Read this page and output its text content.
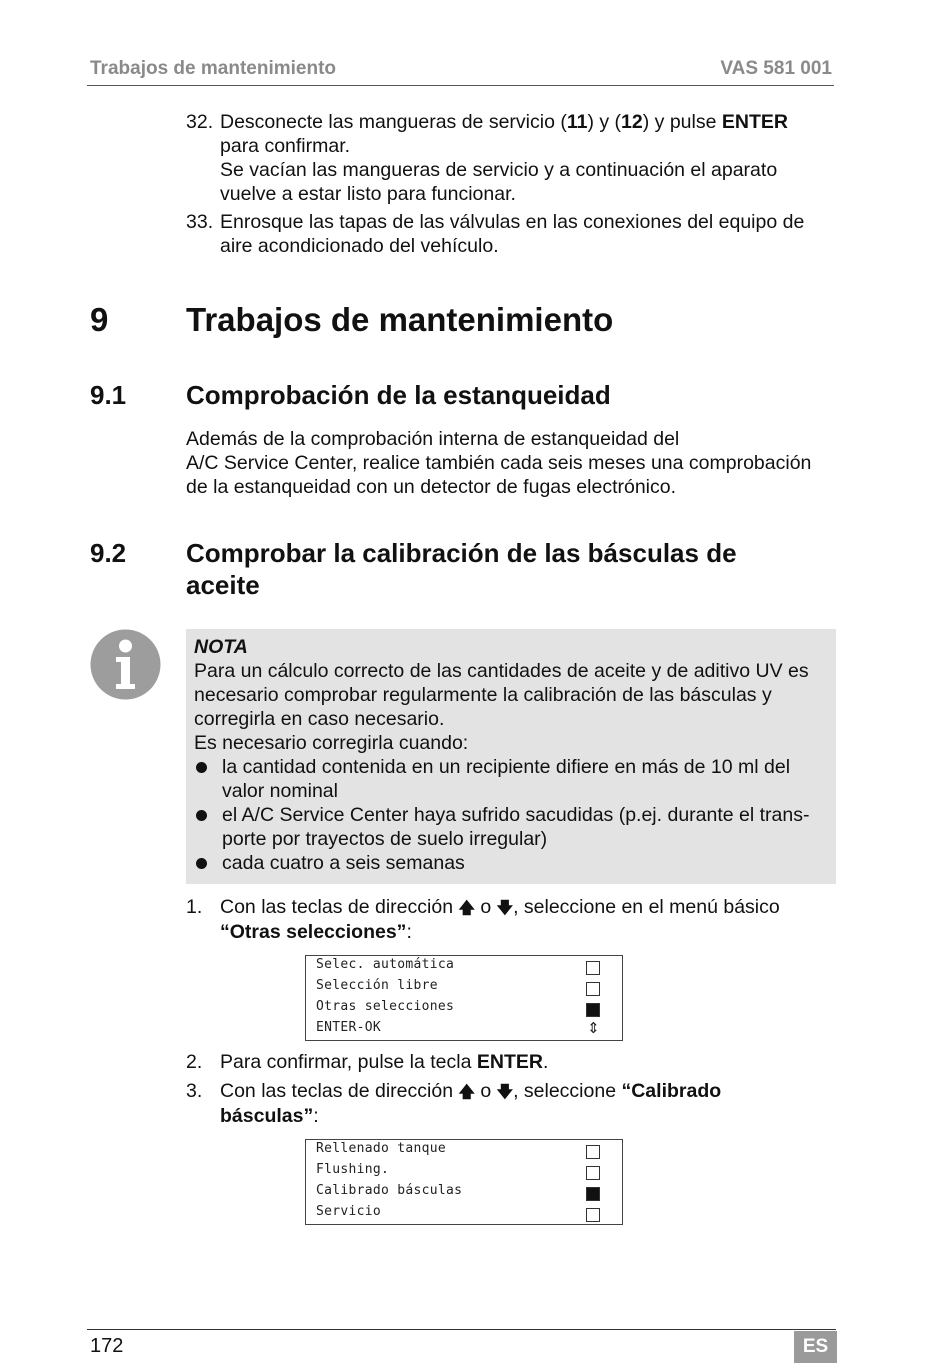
Trabajos de mantenimiento	VAS 581 001
32. Desconecte las mangueras de servicio (11) y (12) y pulse ENTER
para confirmar.
Se vacían las mangueras de servicio y a continuación el aparato
vuelve a estar listo para funcionar.
33. Enrosque las tapas de las válvulas en las conexiones del equipo de
aire acondicionado del vehículo.
9 Trabajos de mantenimiento
9.1 Comprobación de la estanqueidad
Además de la comprobación interna de estanqueidad del
A/C Service Center, realice también cada seis meses una comprobación
de la estanqueidad con un detector de fugas electrónico.
9.2 Comprobar la calibración de las básculas de
aceite
NOTA
Para un cálculo correcto de las cantidades de aceite y de aditivo UV es
necesario comprobar regularmente la calibración de las básculas y
corregirla en caso necesario.
Es necesario corregirla cuando:
la cantidad contenida en un recipiente difiere en más de 10 ml del
valor nominal
el A/C Service Center haya sufrido sacudidas (p.ej. durante el trans-
porte por trayectos de suelo irregular)
cada cuatro a seis semanas
1. Con las teclas de dirección 🡅 o 🡇, seleccione en el menú básico
“Otras selecciones”:
Selec. automática
Selección libre
Otras selecciones
ENTER-OK	⇕
2. Para confirmar, pulse la tecla ENTER.
3. Con las teclas de dirección 🡅 o 🡇, seleccione “Calibrado
básculas”:
Rellenado tanque
Flushing.
Calibrado básculas
Servicio
172	ES
